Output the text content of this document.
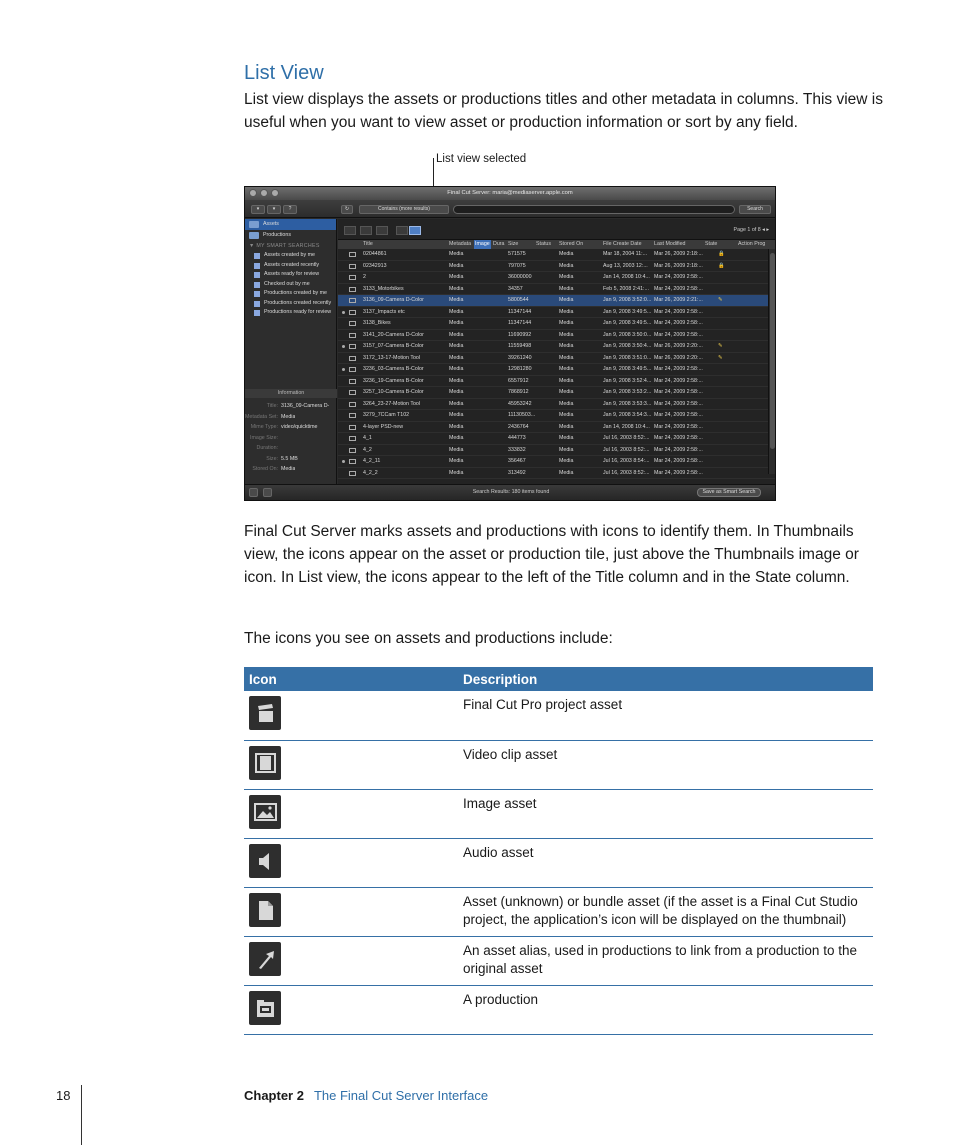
List View

List view displays the assets or productions titles and other metadata in columns. This view is useful when you want to view asset or production information or sort by any field.

List view selected
Final Cut Server: maria@mediaserver.apple.com
▾	▾	?	↻	Contains (more results)	Search
Assets
Productions
▼ MY SMART SEARCHES
Assets created by me
Assets created recently
Assets ready for review
Checked out by me
Productions created by me
Productions created recently
Productions ready for review
Information
Title: 3136_09-Camera D-
Metadata Set: Media
Mime Type: video/quicktime
Image Size:
Duration:
Size: 5.5 MB
Stored On: Media
Page 1 of 8 ◂ ▸
Title	Metadata Image Dura Size	Status Stored On	File Create Date Last Modified	State	Action Prog
02044861	Media	571575	Media	Mar 18, 2004 11:...	Mar 26, 2009 2:18:...	🔒
02342913	Media	797075	Media	Aug 13, 2003 12:...	Mar 26, 2009 2:18:...	🔒
2	Media	36000000	Media	Jan 14, 2008 10:4... Mar 24, 2009 2:58:...
3133_Motorbikes	Media	34357	Media	Feb 5, 2008 2:41:... Mar 24, 2009 2:58:...
3136_09-Camera D-Color	Media	5800544	Media	Jan 9, 2008 3:52:0... Mar 26, 2009 2:21:...	✎
3137_Impacts etc	Media	11347144	Media	Jan 9, 2008 3:49:5... Mar 24, 2009 2:58:...
3138_Bikes	Media	11347144	Media	Jan 9, 2008 3:49:5... Mar 24, 2009 2:58:...
3141_20-Camera D-Color	Media	11690992	Media	Jan 9, 2008 3:50:0... Mar 24, 2009 2:58:...
3157_07-Camera B-Color	Media	11559498	Media	Jan 9, 2008 3:50:4... Mar 26, 2009 2:20:...	✎
3172_13-17-Motion Tool	Media	39261240	Media	Jan 9, 2008 3:51:0... Mar 26, 2009 2:20:...	✎
3236_03-Camera B-Color	Media	12981280	Media	Jan 9, 2008 3:49:5... Mar 24, 2009 2:58:...
3236_19-Camera B-Color	Media	6557912	Media	Jan 9, 2008 3:52:4... Mar 24, 2009 2:58:...
3257_10-Camera B-Color	Media	7868912	Media	Jan 9, 2008 3:53:2... Mar 24, 2009 2:58:...
3264_23-27-Motion Tool	Media	45953242	Media	Jan 9, 2008 3:53:3... Mar 24, 2009 2:58:...
3279_7CCam T102	Media	11130503...	Media	Jan 9, 2008 3:54:3... Mar 24, 2009 2:58:...
4-layer PSD-new	Media	2436764	Media	Jan 14, 2008 10:4... Mar 24, 2009 2:58:...
4_1	Media	444773	Media	Jul 16, 2003 8:52:... Mar 24, 2009 2:58:...
4_2	Media	333832	Media	Jul 16, 2003 8:52:... Mar 24, 2009 2:58:...
4_2_11	Media	356467	Media	Jul 16, 2003 8:54:... Mar 24, 2009 2:58:...
4_2_2	Media	313492	Media	Jul 16, 2003 8:52:... Mar 24, 2009 2:58:...
Search Results: 180 items found	Save as Smart Search

Final Cut Server marks assets and productions with icons to identify them. In Thumbnails view, the icons appear on the asset or production tile, just above the Thumbnails image or icon. In List view, the icons appear to the left of the Title column and in the State column.

The icons you see on assets and productions include:

Icon	Description

	Final Cut Pro project asset

	Video clip asset

	Image asset

	Audio asset

	Asset (unknown) or bundle asset (if the asset is a Final Cut Studio project, the application’s icon will be displayed on the thumbnail)

	An asset alias, used in productions to link from a production to the original asset

	A production
18	Chapter 2 The Final Cut Server Interface
